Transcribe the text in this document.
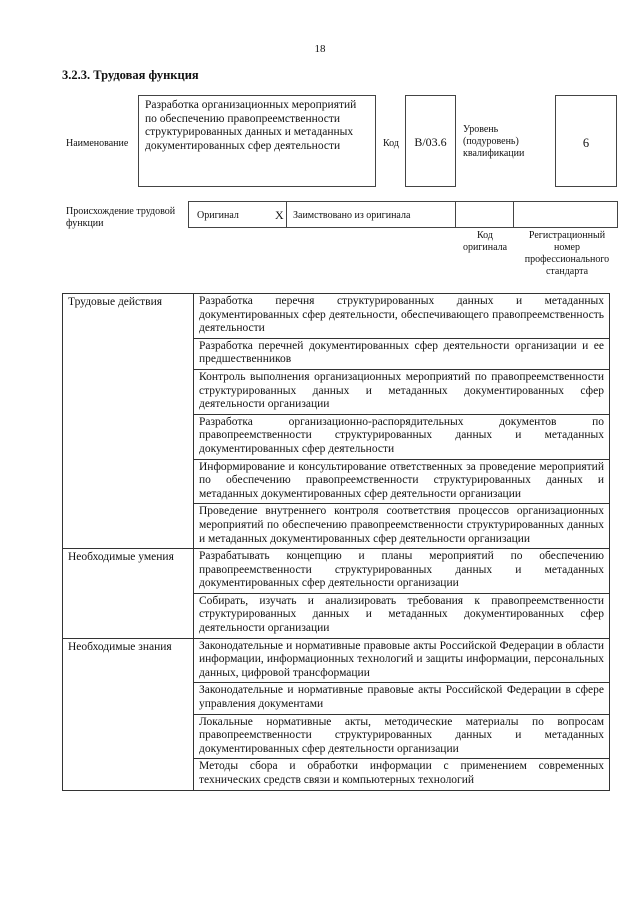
18
3.2.3. Трудовая функция
Наименование
Разработка организационных мероприятий по обеспечению правопреемственности структурированных данных и метаданных документированных сфер деятельности	Код	В/03.6
Уровень (подуровень) квалификации
6
Происхождение трудовой функции
Оригинал	Х Заимствовано из оригинала
Код оригинала
Регистрационный номер профессионального стандарта
Трудовые действия	Разработка перечня структурированных данных и метаданных документированных сфер деятельности, обеспечивающего правопреемственность деятельности
	Разработка перечней документированных сфер деятельности организации и ее предшественников
	Контроль выполнения организационных мероприятий по правопреемственности структурированных данных и метаданных документированных сфер деятельности организации
	Разработка организационно-распорядительных документов по правопреемственности структурированных данных и метаданных документированных сфер деятельности
	Информирование и консультирование ответственных за проведение мероприятий по обеспечению правопреемственности структурированных данных и метаданных документированных сфер деятельности организации
	Проведение внутреннего контроля соответствия процессов организационных мероприятий по обеспечению правопреемственности структурированных данных и метаданных документированных сфер деятельности организации
Необходимые умения	Разрабатывать концепцию и планы мероприятий по обеспечению правопреемственности структурированных данных и метаданных документированных сфер деятельности организации
	Собирать, изучать и анализировать требования к правопреемственности структурированных данных и метаданных документированных сфер деятельности организации
Необходимые знания	Законодательные и нормативные правовые акты Российской Федерации в области информации, информационных технологий и защиты информации, персональных данных, цифровой трансформации
	Законодательные и нормативные правовые акты Российской Федерации в сфере управления документами
	Локальные нормативные акты, методические материалы по вопросам правопреемственности структурированных данных и метаданных документированных сфер деятельности организации
	Методы сбора и обработки информации с применением современных технических средств связи и компьютерных технологий
